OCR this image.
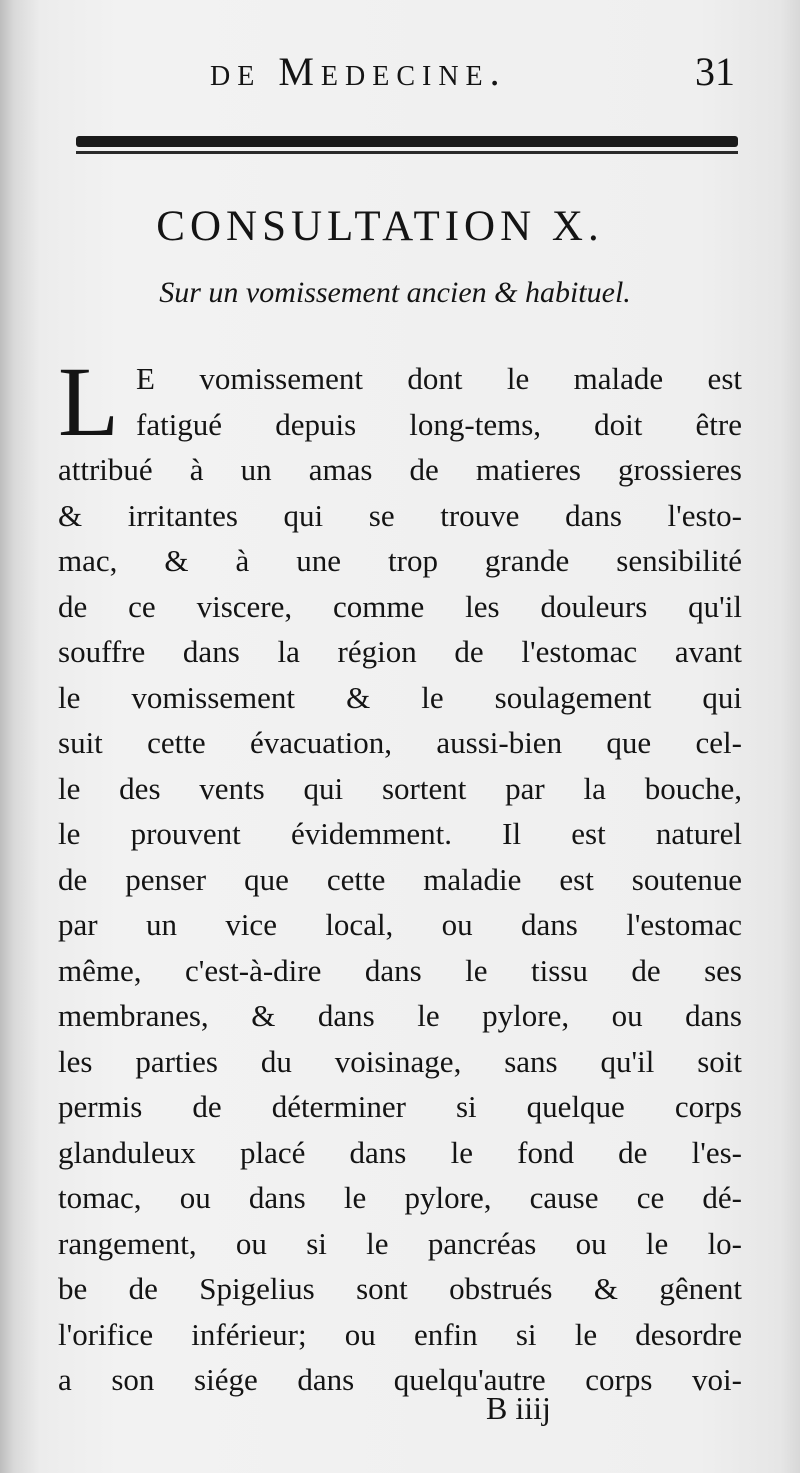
de Medecine.	31
CONSULTATION X.
Sur un vomissement ancien & habituel.
L E vomissement dont le malade est
fatigué depuis long-tems, doit être
attribué à un amas de matieres grossieres
& irritantes qui se trouve dans l'esto-
mac, & à une trop grande sensibilité
de ce viscere, comme les douleurs qu'il
souffre dans la région de l'estomac avant
le vomissement & le soulagement qui
suit cette évacuation, aussi-bien que cel-
le des vents qui sortent par la bouche,
le prouvent évidemment. Il est naturel
de penser que cette maladie est soutenue
par un vice local, ou dans l'estomac
même, c'est-à-dire dans le tissu de ses
membranes, & dans le pylore, ou dans
les parties du voisinage, sans qu'il soit
permis de déterminer si quelque corps
glanduleux placé dans le fond de l'es-
tomac, ou dans le pylore, cause ce dé-
rangement, ou si le pancréas ou le lo-
be de Spigelius sont obstrués & gênent
l'orifice inférieur; ou enfin si le desordre
a son siége dans quelqu'autre corps voi-
B iiij
